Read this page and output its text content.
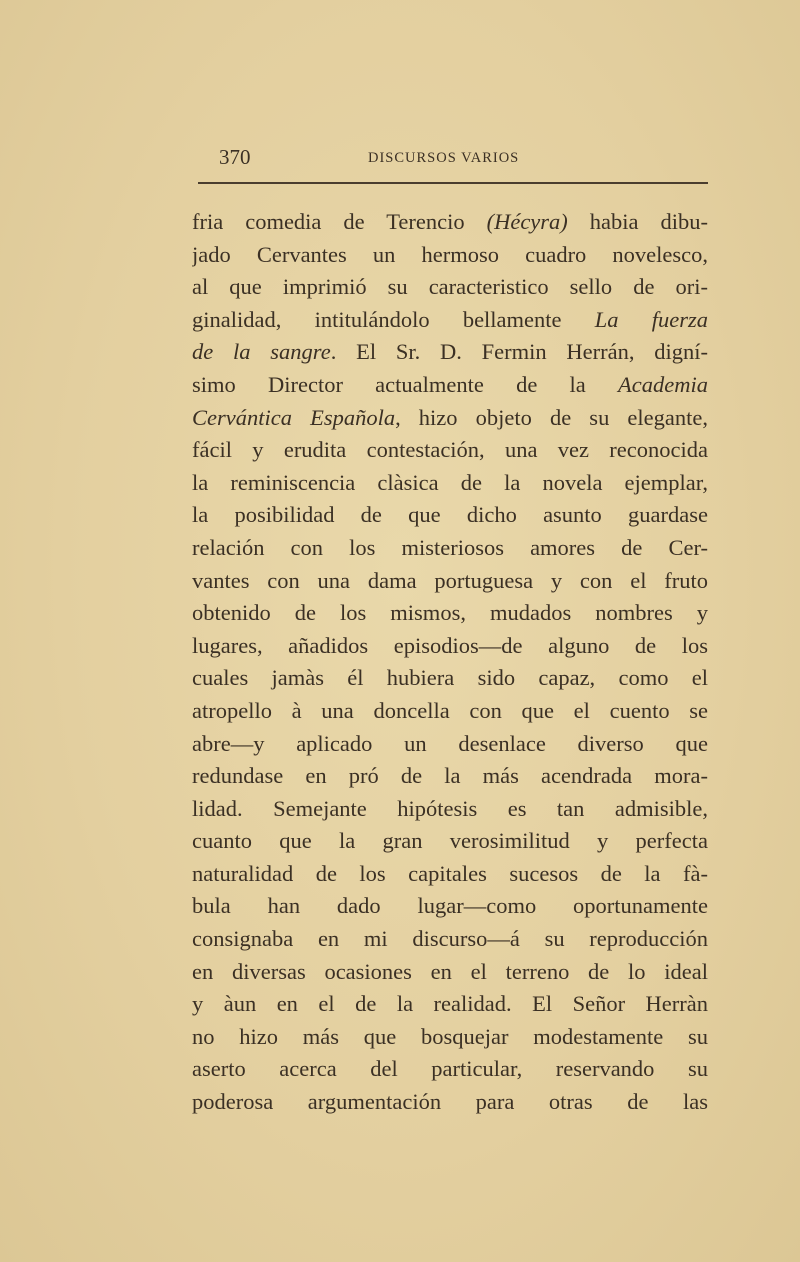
370	DISCURSOS VARIOS
fria comedia de Terencio (Hécyra) habia dibu-
jado Cervantes un hermoso cuadro novelesco,
al que imprimió su caracteristico sello de ori-
ginalidad, intitulándolo bellamente La fuerza
de la sangre. El Sr. D. Fermin Herrán, digní-
simo Director actualmente de la Academia
Cervántica Española, hizo objeto de su elegante,
fácil y erudita contestación, una vez reconocida
la reminiscencia clàsica de la novela ejemplar,
la posibilidad de que dicho asunto guardase
relación con los misteriosos amores de Cer-
vantes con una dama portuguesa y con el fruto
obtenido de los mismos, mudados nombres y
lugares, añadidos episodios—de alguno de los
cuales jamàs él hubiera sido capaz, como el
atropello à una doncella con que el cuento se
abre—y aplicado un desenlace diverso que
redundase en pró de la más acendrada mora-
lidad. Semejante hipótesis es tan admisible,
cuanto que la gran verosimilitud y perfecta
naturalidad de los capitales sucesos de la fà-
bula han dado lugar—como oportunamente
consignaba en mi discurso—á su reproducción
en diversas ocasiones en el terreno de lo ideal
y àun en el de la realidad. El Señor Herràn
no hizo más que bosquejar modestamente su
aserto acerca del particular, reservando su
poderosa argumentación para otras de las
